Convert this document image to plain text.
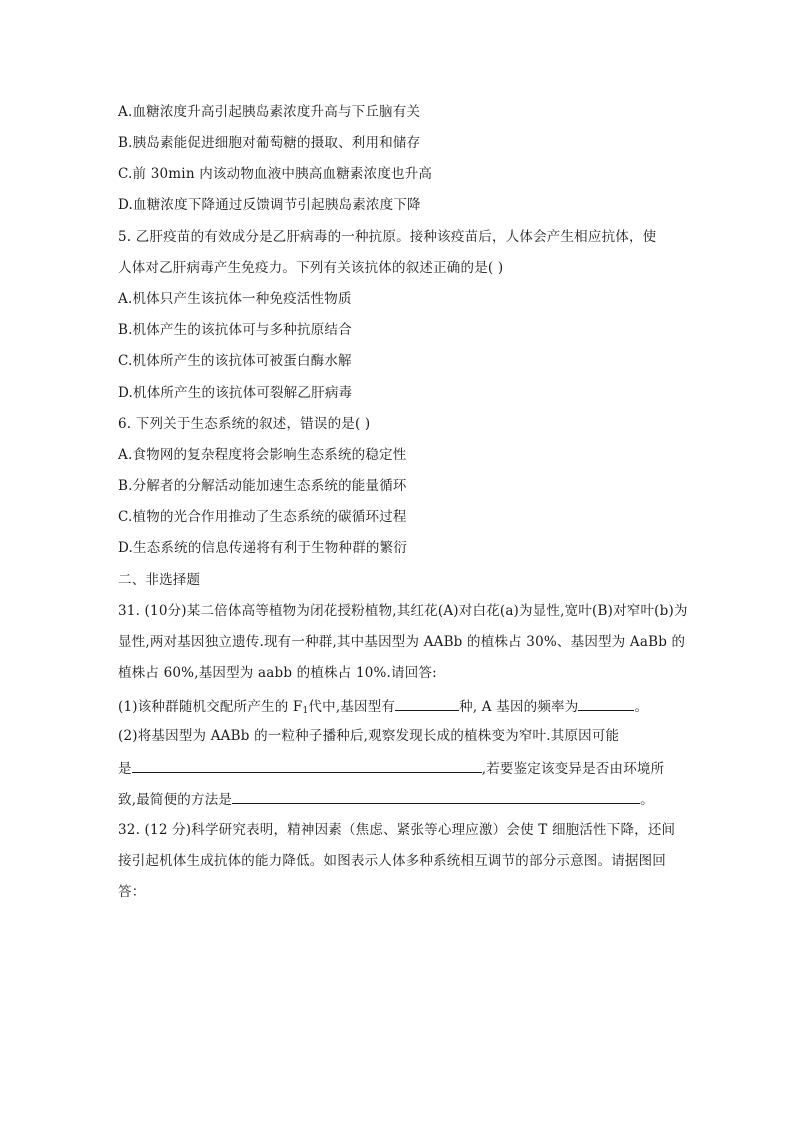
A.血糖浓度升高引起胰岛素浓度升高与下丘脑有关
B.胰岛素能促进细胞对葡萄糖的摄取、利用和储存
C.前 30min 内该动物血液中胰高血糖素浓度也升高
D.血糖浓度下降通过反馈调节引起胰岛素浓度下降
5. 乙肝疫苗的有效成分是乙肝病毒的一种抗原。接种该疫苗后，人体会产生相应抗体，使
人体对乙肝病毒产生免疫力。下列有关该抗体的叙述正确的是( )
A.机体只产生该抗体一种免疫活性物质
B.机体产生的该抗体可与多种抗原结合
C.机体所产生的该抗体可被蛋白酶水解
D.机体所产生的该抗体可裂解乙肝病毒
6. 下列关于生态系统的叙述，错误的是( )
A.食物网的复杂程度将会影响生态系统的稳定性
B.分解者的分解活动能加速生态系统的能量循环
C.植物的光合作用推动了生态系统的碳循环过程
D.生态系统的信息传递将有利于生物种群的繁衍
二、非选择题
31. (10分)某二倍体高等植物为闭花授粉植物,其红花(A)对白花(a)为显性,宽叶(B)对窄叶(b)为
显性,两对基因独立遗传.现有一种群,其中基因型为 AABb 的植株占 30%、基因型为 AaBb 的
植株占 60%,基因型为 aabb 的植株占 10%.请回答:
(1)该种群随机交配所产生的 $F_1$代中,基因型有	种, A 基因的频率为	。
(2)将基因型为 AABb 的一粒种子播种后,观察发现长成的植株变为窄叶.其原因可能
是	,若要鉴定该变异是否由环境所
致,最简便的方法是	。
32. (12 分)科学研究表明，精神因素（焦虑、紧张等心理应激）会使 T 细胞活性下降，还间
接引起机体生成抗体的能力降低。如图表示人体多种系统相互调节的部分示意图。请据图回
答：
